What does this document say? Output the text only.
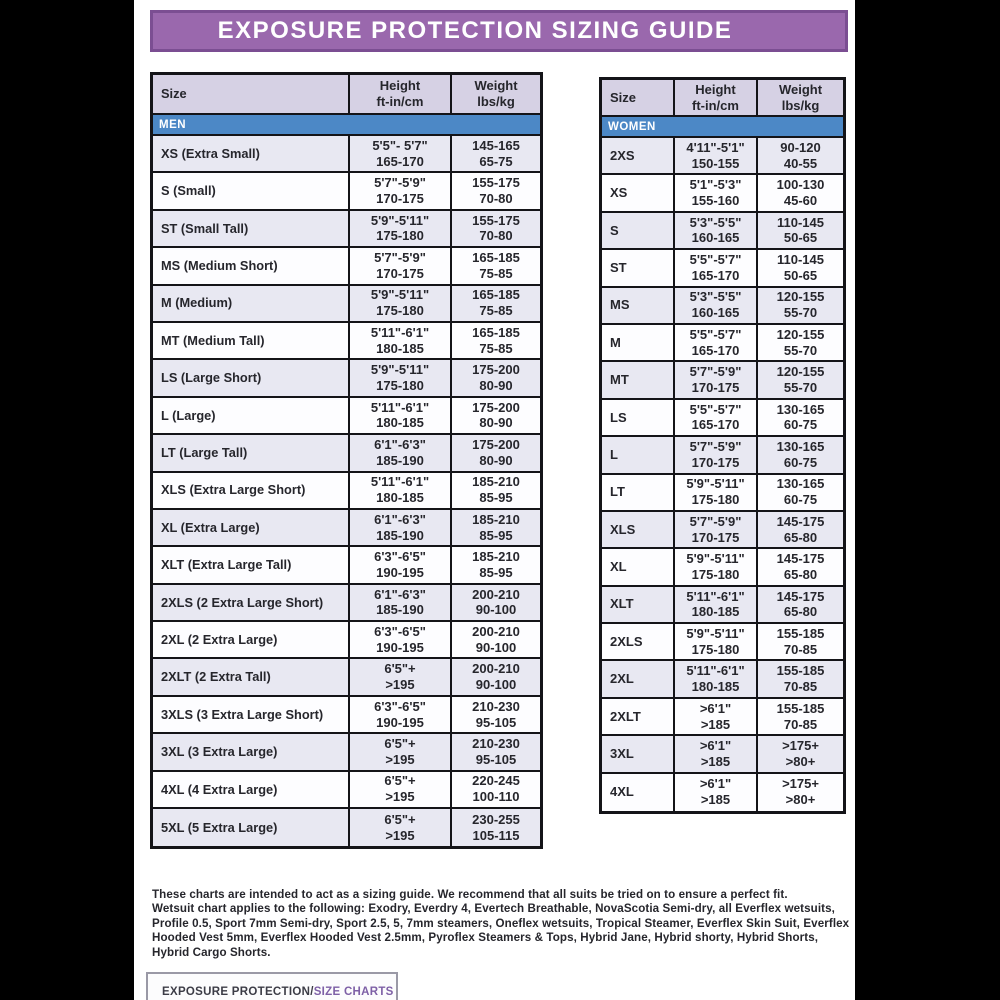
EXPOSURE PROTECTION SIZING GUIDE
Size
Height
ft-in/cm
Weight
lbs/kg
MEN
XS (Extra Small)
5'5"- 5'7"
165-170
145-165
65-75
S (Small)
5'7"-5'9"
170-175
155-175
70-80
ST (Small Tall)
5'9"-5'11"
175-180
155-175
70-80
MS (Medium Short)
5'7"-5'9"
170-175
165-185
75-85
M (Medium)
5'9"-5'11"
175-180
165-185
75-85
MT (Medium Tall)
5'11"-6'1"
180-185
165-185
75-85
LS (Large Short)
5'9"-5'11"
175-180
175-200
80-90
L (Large)
5'11"-6'1"
180-185
175-200
80-90
LT (Large Tall)
6'1"-6'3"
185-190
175-200
80-90
XLS (Extra Large Short)
5'11"-6'1"
180-185
185-210
85-95
XL (Extra Large)
6'1"-6'3"
185-190
185-210
85-95
XLT (Extra Large Tall)
6'3"-6'5"
190-195
185-210
85-95
2XLS (2 Extra Large Short)
6'1"-6'3"
185-190
200-210
90-100
2XL (2 Extra Large)
6'3"-6'5"
190-195
200-210
90-100
2XLT (2 Extra Tall)
6'5"+
>195
200-210
90-100
3XLS (3 Extra Large Short)
6'3"-6'5"
190-195
210-230
95-105
3XL (3 Extra Large)
6'5"+
>195
210-230
95-105
4XL (4 Extra Large)
6'5"+
>195
220-245
100-110
5XL (5 Extra Large)
6'5"+
>195
230-255
105-115
Size
Height
ft-in/cm
Weight
lbs/kg
WOMEN
2XS
4'11"-5'1"
150-155
90-120
40-55
XS
5'1"-5'3"
155-160
100-130
45-60
S
5'3"-5'5"
160-165
110-145
50-65
ST
5'5"-5'7"
165-170
110-145
50-65
MS
5'3"-5'5"
160-165
120-155
55-70
M
5'5"-5'7"
165-170
120-155
55-70
MT
5'7"-5'9"
170-175
120-155
55-70
LS
5'5"-5'7"
165-170
130-165
60-75
L
5'7"-5'9"
170-175
130-165
60-75
LT
5'9"-5'11"
175-180
130-165
60-75
XLS
5'7"-5'9"
170-175
145-175
65-80
XL
5'9"-5'11"
175-180
145-175
65-80
XLT
5'11"-6'1"
180-185
145-175
65-80
2XLS
5'9"-5'11"
175-180
155-185
70-85
2XL
5'11"-6'1"
180-185
155-185
70-85
2XLT
>6'1"
>185
155-185
70-85
3XL
>6'1"
>185
>175+
>80+
4XL
>6'1"
>185
>175+
>80+
These charts are intended to act as a sizing guide. We recommend that all suits be tried on to ensure a perfect fit.
Wetsuit chart applies to the following: Exodry, Everdry 4, Evertech Breathable, NovaScotia Semi-dry, all Everflex wetsuits, Profile 0.5, Sport 7mm Semi-dry, Sport 2.5, 5, 7mm steamers, Oneflex wetsuits, Tropical Steamer, Everflex Skin Suit, Everflex Hooded Vest 5mm, Everflex Hooded Vest 2.5mm, Pyroflex Steamers & Tops, Hybrid Jane, Hybrid shorty, Hybrid Shorts, Hybrid Cargo Shorts.
EXPOSURE PROTECTION/SIZE CHARTS
